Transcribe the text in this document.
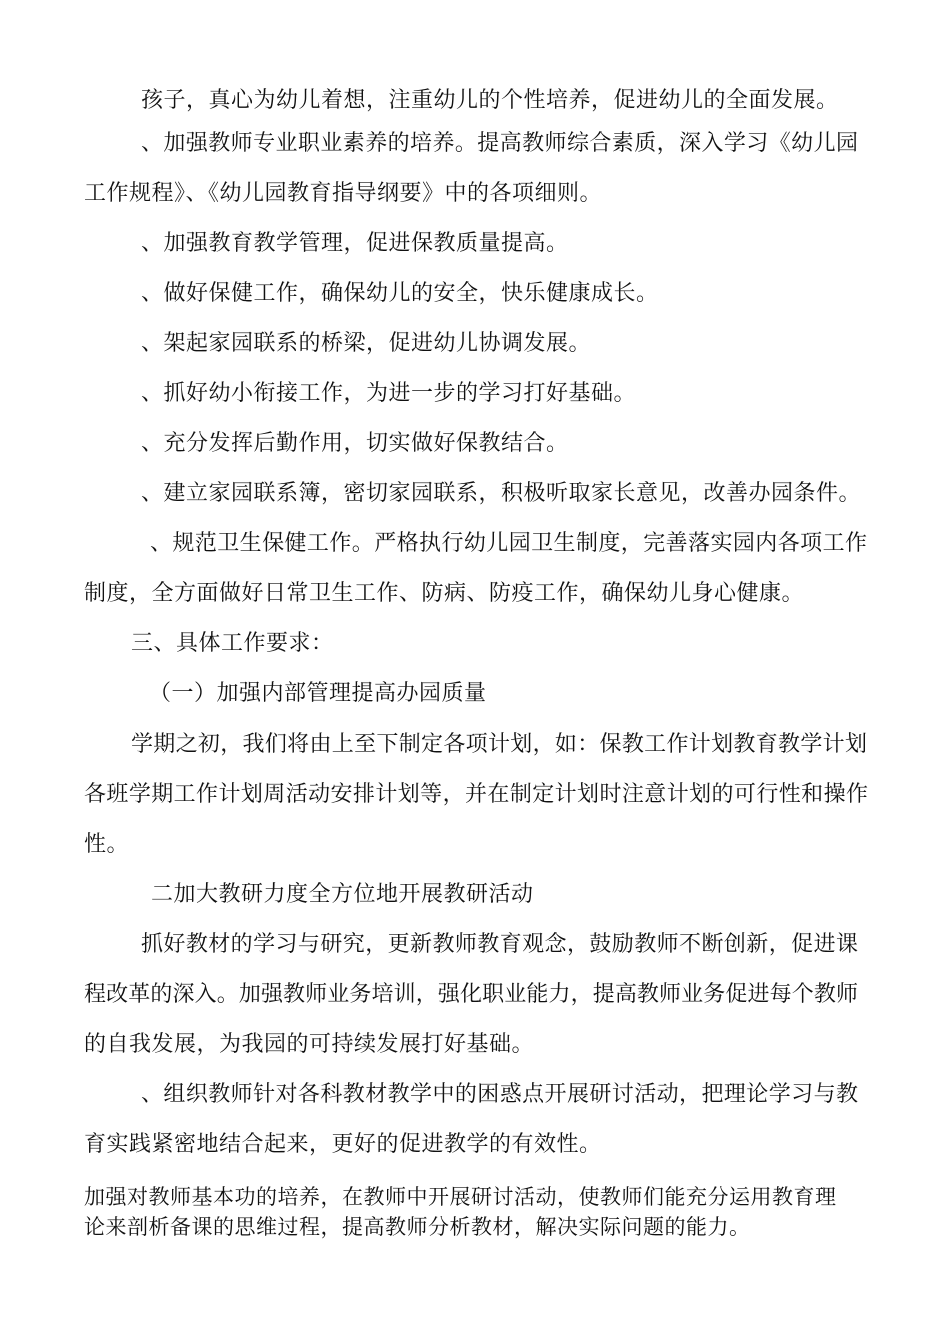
孩子，真心为幼儿着想，注重幼儿的个性培养，促进幼儿的全面发展。
、加强教师专业职业素养的培养。提高教师综合素质，深入学习《幼儿园
工作规程》、《幼儿园教育指导纲要》中的各项细则。
、加强教育教学管理，促进保教质量提高。
、做好保健工作，确保幼儿的安全，快乐健康成长。
、架起家园联系的桥梁，促进幼儿协调发展。
、抓好幼小衔接工作，为进一步的学习打好基础。
、充分发挥后勤作用，切实做好保教结合。
、建立家园联系簿，密切家园联系，积极听取家长意见，改善办园条件。
、规范卫生保健工作。严格执行幼儿园卫生制度，完善落实园内各项工作
制度，全方面做好日常卫生工作、防病、防疫工作，确保幼儿身心健康。
三、具体工作要求：
（一）加强内部管理提高办园质量
学期之初，我们将由上至下制定各项计划，如：保教工作计划教育教学计划
各班学期工作计划周活动安排计划等，并在制定计划时注意计划的可行性和操作
性。
二加大教研力度全方位地开展教研活动
抓好教材的学习与研究，更新教师教育观念，鼓励教师不断创新，促进课
程改革的深入。加强教师业务培训，强化职业能力，提高教师业务促进每个教师
的自我发展，为我园的可持续发展打好基础。
、组织教师针对各科教材教学中的困惑点开展研讨活动，把理论学习与教
育实践紧密地结合起来，更好的促进教学的有效性。
加强对教师基本功的培养，在教师中开展研讨活动，使教师们能充分运用教育理
论来剖析备课的思维过程，提高教师分析教材，解决实际问题的能力。
